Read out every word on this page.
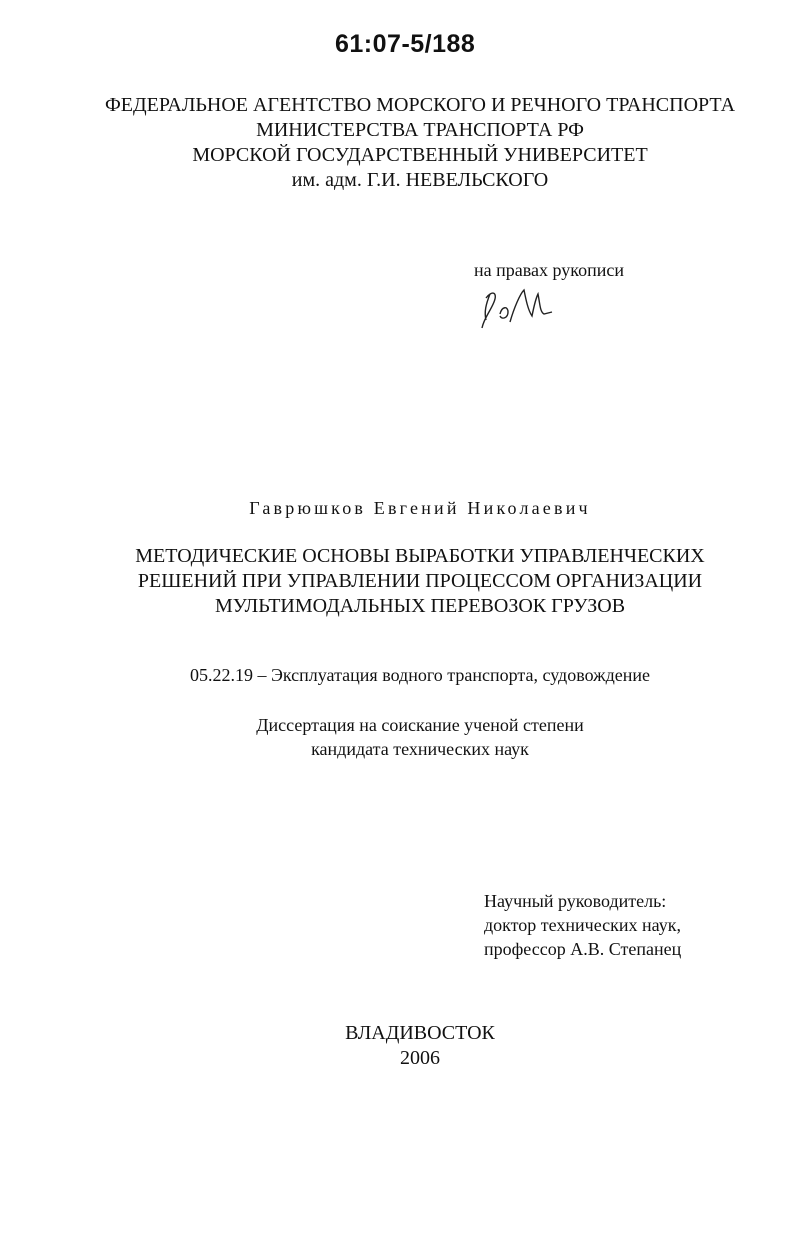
61:07-5/188
ФЕДЕРАЛЬНОЕ АГЕНТСТВО МОРСКОГО И РЕЧНОГО ТРАНСПОРТА
МИНИСТЕРСТВА ТРАНСПОРТА РФ
МОРСКОЙ ГОСУДАРСТВЕННЫЙ УНИВЕРСИТЕТ
им. адм. Г.И. НЕВЕЛЬСКОГО
на правах рукописи
Гаврюшков Евгений Николаевич
МЕТОДИЧЕСКИЕ ОСНОВЫ ВЫРАБОТКИ УПРАВЛЕНЧЕСКИХ
РЕШЕНИЙ ПРИ УПРАВЛЕНИИ ПРОЦЕССОМ ОРГАНИЗАЦИИ
МУЛЬТИМОДАЛЬНЫХ ПЕРЕВОЗОК ГРУЗОВ
05.22.19 – Эксплуатация водного транспорта, судовождение
Диссертация на соискание ученой степени
кандидата технических наук
Научный руководитель:
доктор технических наук,
профессор А.В. Степанец
ВЛАДИВОСТОК
2006
